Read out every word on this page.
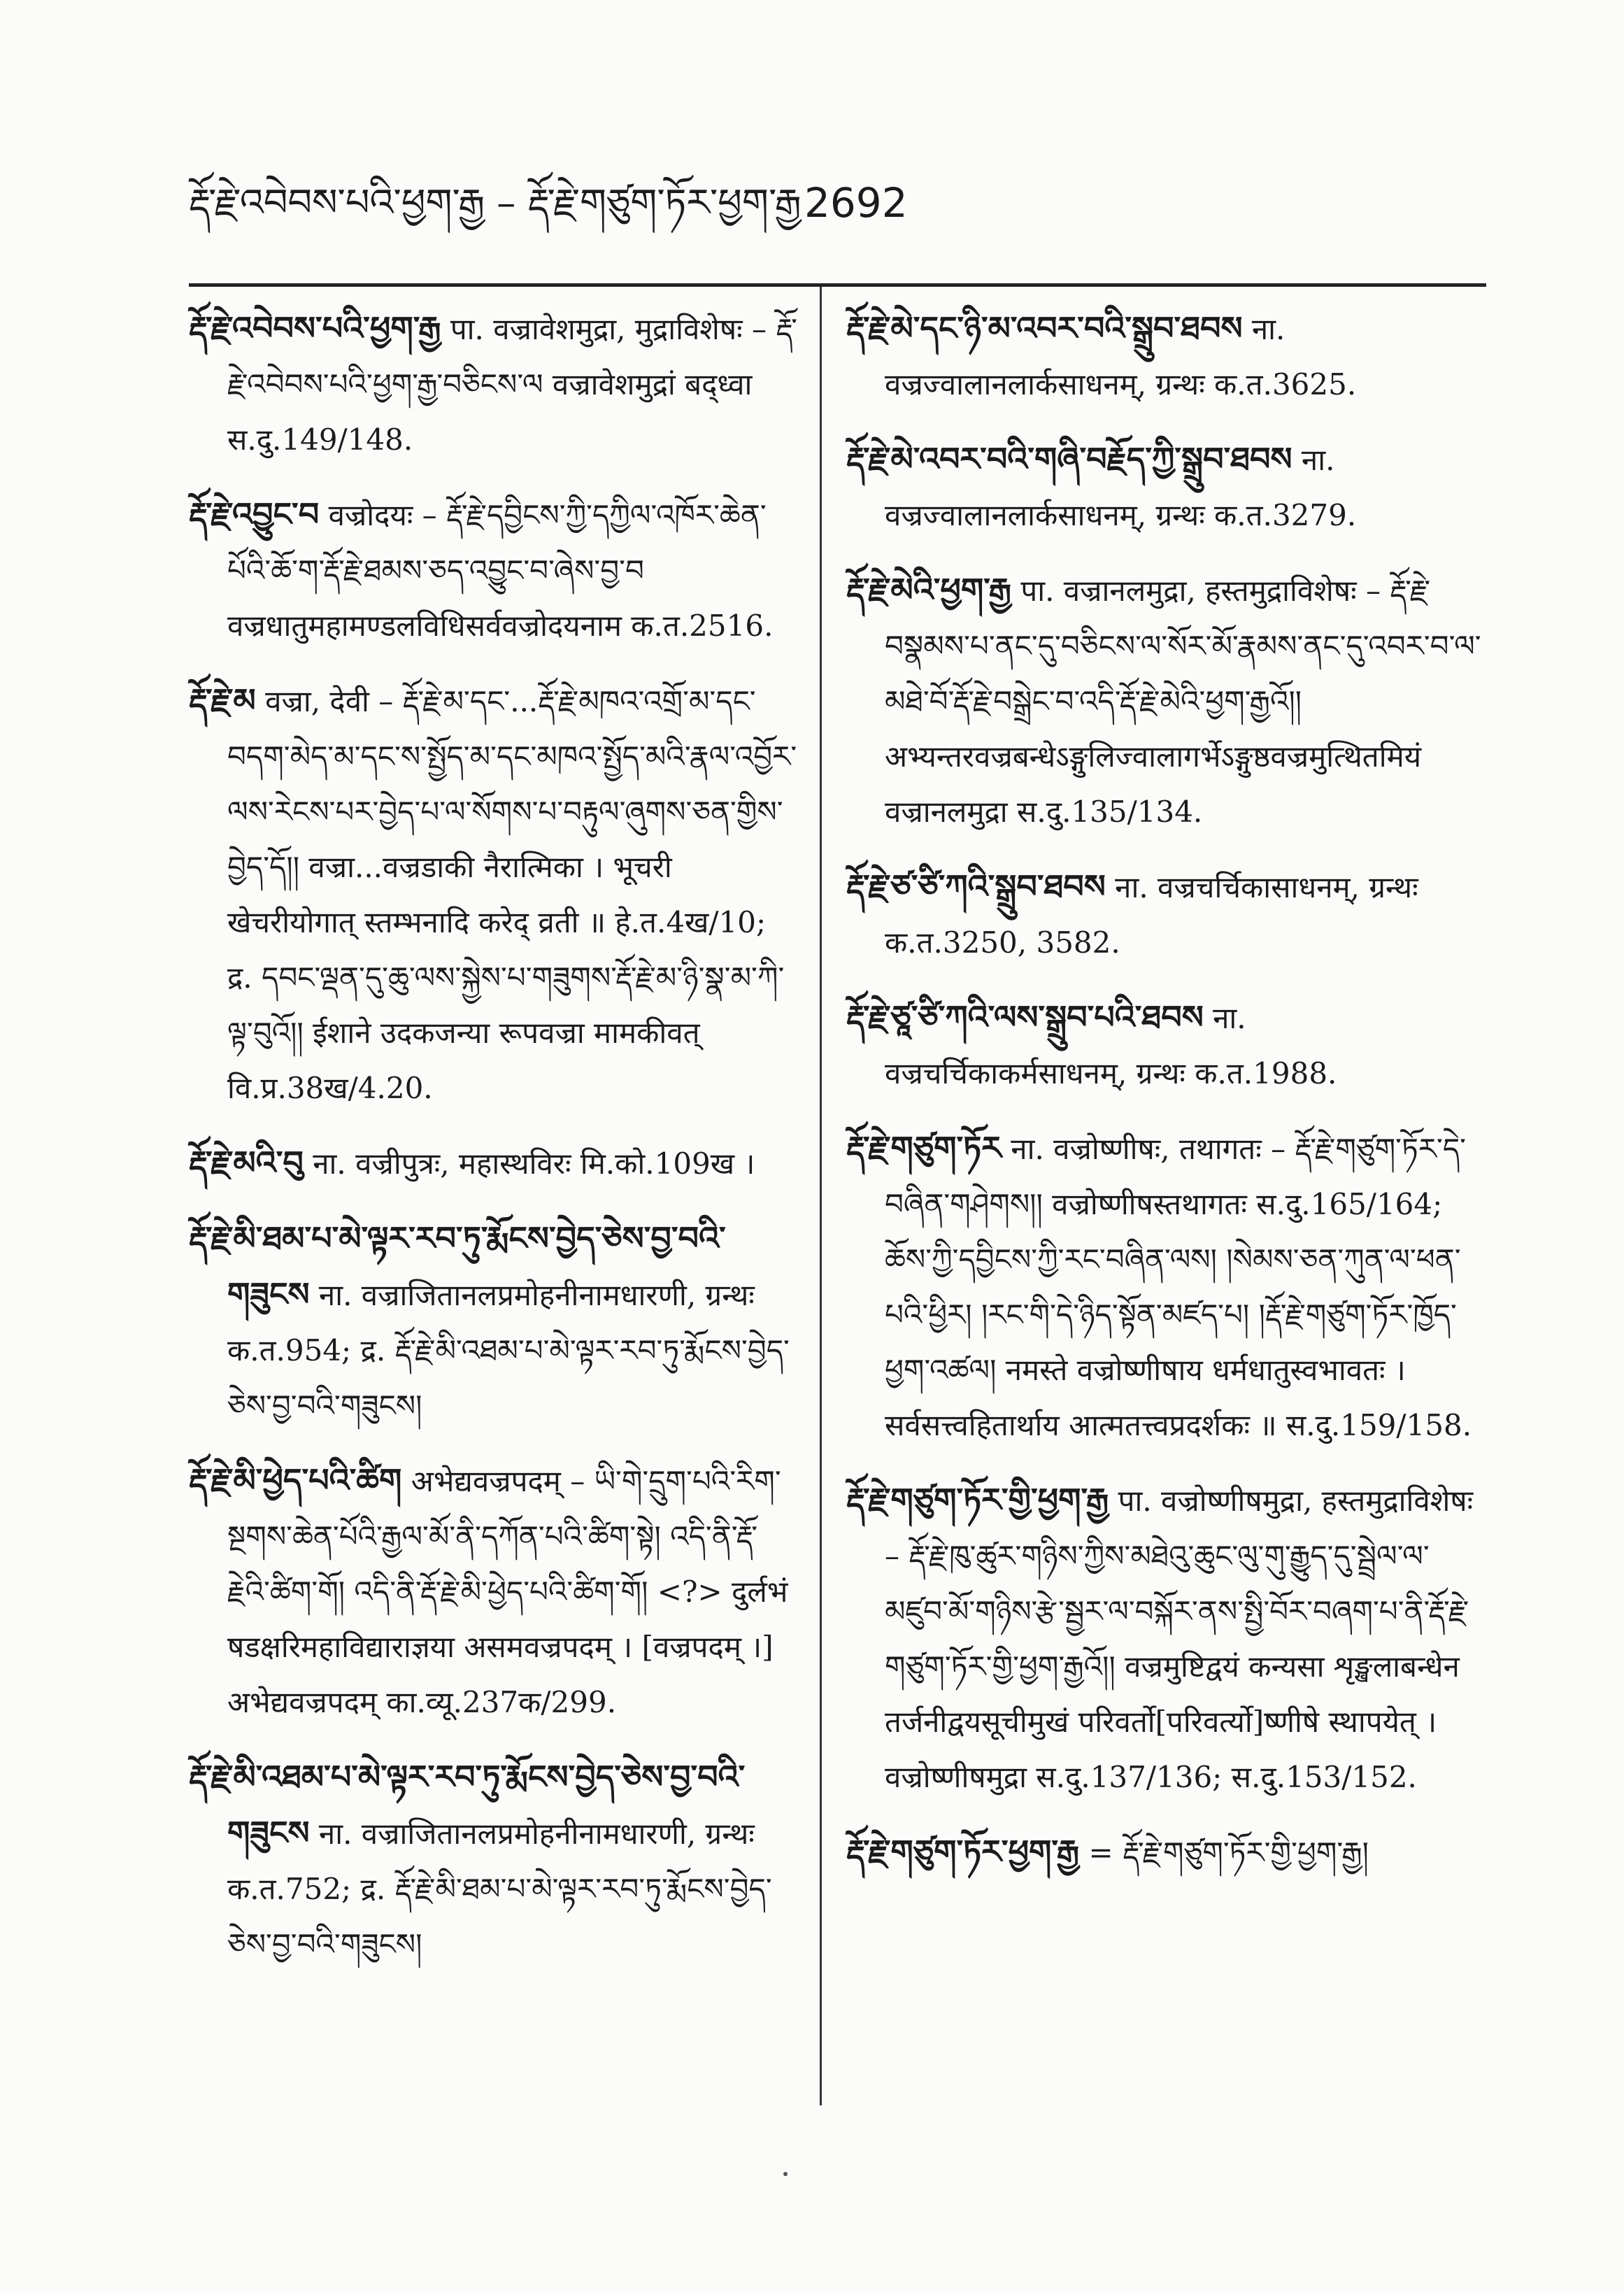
རྡོ་རྗེ་འབེབས་པའི་ཕྱག་རྒྱ – རྡོ་རྗེ་གཙུག་ཏོར་ཕྱག་རྒྱ 2692

རྡོ་རྗེ་འབེབས་པའི་ཕྱག་རྒྱ पा. वज्रावेशमुद्रा, मुद्राविशेषः – རྡོ་རྗེ་འབེབས་པའི་ཕྱག་རྒྱ་བཅིངས་ལ वज्रावेशमुद्रां बद्ध्वा स.दु.149/148.

རྡོ་རྗེ་འབྱུང་བ वज्रोदयः – རྡོ་རྗེ་དབྱིངས་ཀྱི་དཀྱིལ་འཁོར་ཆེན་པོའི་ཆོ་ག་རྡོ་རྗེ་ཐམས་ཅད་འབྱུང་བ་ཞེས་བྱ་བ वज्रधातुमहामण्डलविधिसर्ववज्रोदयनाम क.त.2516.

རྡོ་རྗེ་མ वज्रा, देवी – རྡོ་རྗེ་མ་དང་...རྡོ་རྗེ་མཁའ་འགྲོ་མ་དང་བདག་མེད་མ་དང་ས་སྤྱོད་མ་དང་མཁའ་སྤྱོད་མའི་རྣལ་འབྱོར་ལས་རེངས་པར་བྱེད་པ་ལ་སོགས་པ་བརྟུལ་ཞུགས་ཅན་གྱིས་བྱེད་དོ།། वज्रा...वज्रडाकी नैरात्मिका । भूचरी खेचरीयोगात् स्तम्भनादि करेद् व्रती ॥ हे.त.4ख/10; द्र. དབང་ལྡན་དུ་ཆུ་ལས་སྐྱེས་པ་གཟུགས་རྡོ་རྗེ་མ་ཉི་སྣ་མ་ཀི་ལྟ་བུའོ།། ईशाने उदकजन्या रूपवज्रा मामकीवत् वि.प्र.38ख/4.20.

རྡོ་རྗེ་མའི་བུ ना. वज्रीपुत्रः, महास्थविरः मि.को.109ख ।

རྡོ་རྗེ་མི་ཐམ་པ་མེ་ལྟར་རབ་ཏུ་རྨོངས་བྱེད་ཅེས་བྱ་བའི་གཟུངས ना. वज्राजितानलप्रमोहनीनामधारणी, ग्रन्थः क.त.954; द्र. རྡོ་རྗེ་མི་འཐམ་པ་མེ་ལྟར་རབ་ཏུ་རྨོངས་བྱེད་ཅེས་བྱ་བའི་གཟུངས།

རྡོ་རྗེ་མི་ཕྱེད་པའི་ཚིག अभेद्यवज्रपदम् – ཡི་གེ་དྲུག་པའི་རིག་སྔགས་ཆེན་པོའི་རྒྱལ་མོ་ནི་དཀོན་པའི་ཚིག་སྟེ། འདི་ནི་རྡོ་རྗེའི་ཚིག་གོ། འདི་ནི་རྡོ་རྗེ་མི་ཕྱེད་པའི་ཚིག་གོ། <?> दुर्लभं षडक्षरिमहाविद्याराज्ञया असमवज्रपदम् । [वज्रपदम् ।] अभेद्यवज्रपदम् का.व्यू.237क/299.

རྡོ་རྗེ་མི་འཐམ་པ་མེ་ལྟར་རབ་ཏུ་རྨོངས་བྱེད་ཅེས་བྱ་བའི་གཟུངས ना. वज्राजितानलप्रमोहनीनामधारणी, ग्रन्थः क.त.752; द्र. རྡོ་རྗེ་མི་ཐམ་པ་མེ་ལྟར་རབ་ཏུ་རྨོངས་བྱེད་ཅེས་བྱ་བའི་གཟུངས།

རྡོ་རྗེ་མེ་དང་ཉི་མ་འབར་བའི་སྒྲུབ་ཐབས ना. वज्रज्वालानलार्कसाधनम्, ग्रन्थः क.त.3625.

རྡོ་རྗེ་མེ་འབར་བའི་གཞི་བརྗོད་ཀྱི་སྒྲུབ་ཐབས ना. वज्रज्वालानलार्कसाधनम्, ग्रन्थः क.त.3279.

རྡོ་རྗེ་མེའི་ཕྱག་རྒྱ पा. वज्रानलमुद्रा, हस्तमुद्राविशेषः – རྡོ་རྗེ་བསྣམས་པ་ནང་དུ་བཅིངས་ལ་སོར་མོ་རྣམས་ནང་དུ་འབར་བ་ལ་མཐེ་བོ་རྡོ་རྗེ་བསྒྲེང་བ་འདི་རྡོ་རྗེ་མེའི་ཕྱག་རྒྱའོ།། अभ्यन्तरवज्रबन्धेऽङ्गुलिज्वालागर्भेऽङ्गुष्ठवज्रमुत्थितमियं वज्रानलमुद्रा स.दु.135/134.

རྡོ་རྗེ་ཙ་ཙི་ཀའི་སྒྲུབ་ཐབས ना. वज्रचर्चिकासाधनम्, ग्रन्थः क.त.3250, 3582.

རྡོ་རྗེ་ཙཱ་ཙི་ཀའི་ལས་སྒྲུབ་པའི་ཐབས ना. वज्रचर्चिकाकर्मसाधनम्, ग्रन्थः क.त.1988.

རྡོ་རྗེ་གཙུག་ཏོར ना. वज्रोष्णीषः, तथागतः – རྡོ་རྗེ་གཙུག་ཏོར་དེ་བཞིན་གཤེགས།། वज्रोष्णीषस्तथागतः स.दु.165/164; ཆོས་ཀྱི་དབྱིངས་ཀྱི་རང་བཞིན་ལས། །སེམས་ཅན་ཀུན་ལ་ཕན་པའི་ཕྱིར། །རང་གི་དེ་ཉིད་སྟོན་མཛད་པ། །རྡོ་རྗེ་གཙུག་ཏོར་ཁྱོད་ཕྱག་འཚལ། नमस्ते वज्रोष्णीषाय धर्मधातुस्वभावतः । सर्वसत्त्वहितार्थाय आत्मतत्त्वप्रदर्शकः ॥ स.दु.159/158.

རྡོ་རྗེ་གཙུག་ཏོར་གྱི་ཕྱག་རྒྱ पा. वज्रोष्णीषमुद्रा, हस्तमुद्राविशेषः – རྡོ་རྗེ་ཁུ་ཚུར་གཉིས་ཀྱིས་མཐེའུ་ཆུང་ལུ་གུ་རྒྱུད་དུ་སྦྲེལ་ལ་མཛུབ་མོ་གཉིས་རྩེ་སྦྱར་ལ་བསྐོར་ནས་སྤྱི་བོར་བཞག་པ་ནི་རྡོ་རྗེ་གཙུག་ཏོར་གྱི་ཕྱག་རྒྱའོ།། वज्रमुष्टिद्वयं कन्यसा शृङ्खलाबन्धेन तर्जनीद्वयसूचीमुखं परिवर्तो[परिवर्त्यो]ष्णीषे स्थापयेत् । वज्रोष्णीषमुद्रा स.दु.137/136; स.दु.153/152.

རྡོ་རྗེ་གཙུག་ཏོར་ཕྱག་རྒྱ = རྡོ་རྗེ་གཙུག་ཏོར་གྱི་ཕྱག་རྒྱ།
